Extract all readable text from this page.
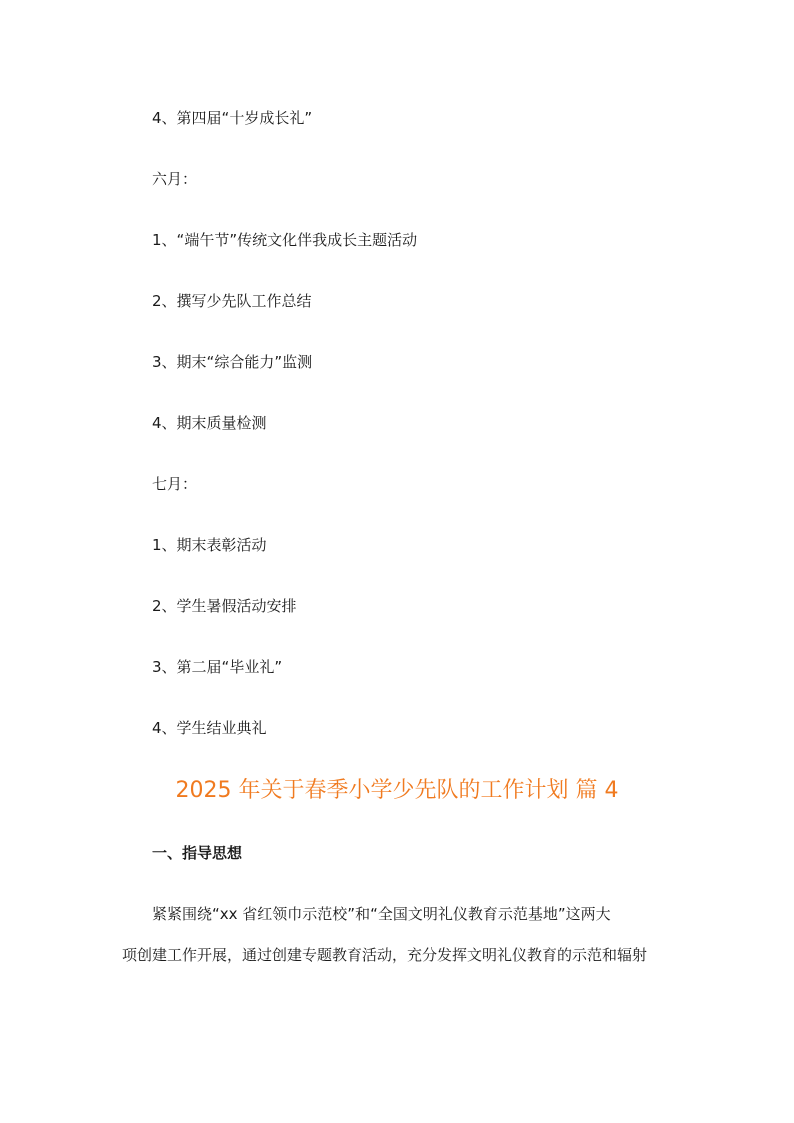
4、第四届“十岁成长礼”
六月：
1、“端午节”传统文化伴我成长主题活动
2、撰写少先队工作总结
3、期末“综合能力”监测
4、期末质量检测
七月：
1、期末表彰活动
2、学生暑假活动安排
3、第二届“毕业礼”
4、学生结业典礼
2025 年关于春季小学少先队的工作计划 篇 4
一、指导思想
紧紧围绕“xx 省红领巾示范校”和“全国文明礼仪教育示范基地”这两大
项创建工作开展，通过创建专题教育活动，充分发挥文明礼仪教育的示范和辐射
